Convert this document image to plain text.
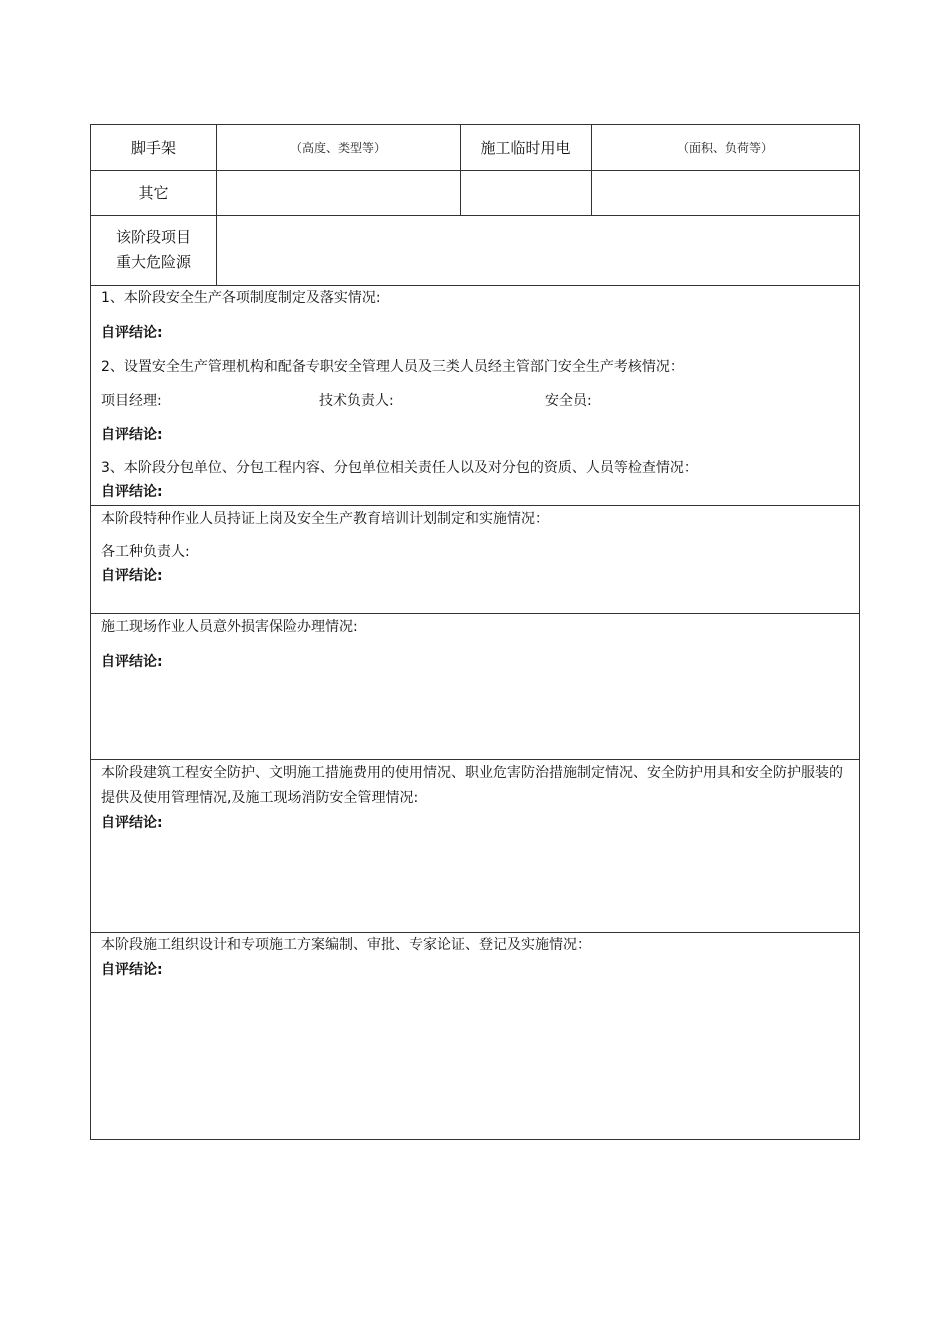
脚手架	（高度、类型等）	施工临时用电	（面积、负荷等）
其它
该阶段项目
重大危险源
1、本阶段安全生产各项制度制定及落实情况:
自评结论:
2、设置安全生产管理机构和配备专职安全管理人员及三类人员经主管部门安全生产考核情况：
项目经理:	技术负责人:	安全员:
自评结论:
3、本阶段分包单位、分包工程内容、分包单位相关责任人以及对分包的资质、人员等检查情况：
自评结论:
本阶段特种作业人员持证上岗及安全生产教育培训计划制定和实施情况：
各工种负责人:
自评结论:
施工现场作业人员意外损害保险办理情况:
自评结论:
本阶段建筑工程安全防护、文明施工措施费用的使用情况、职业危害防治措施制定情况、安全防护用具和安全防护服装的提供及使用管理情况,及施工现场消防安全管理情况:
自评结论:
本阶段施工组织设计和专项施工方案编制、审批、专家论证、登记及实施情况：
自评结论:
